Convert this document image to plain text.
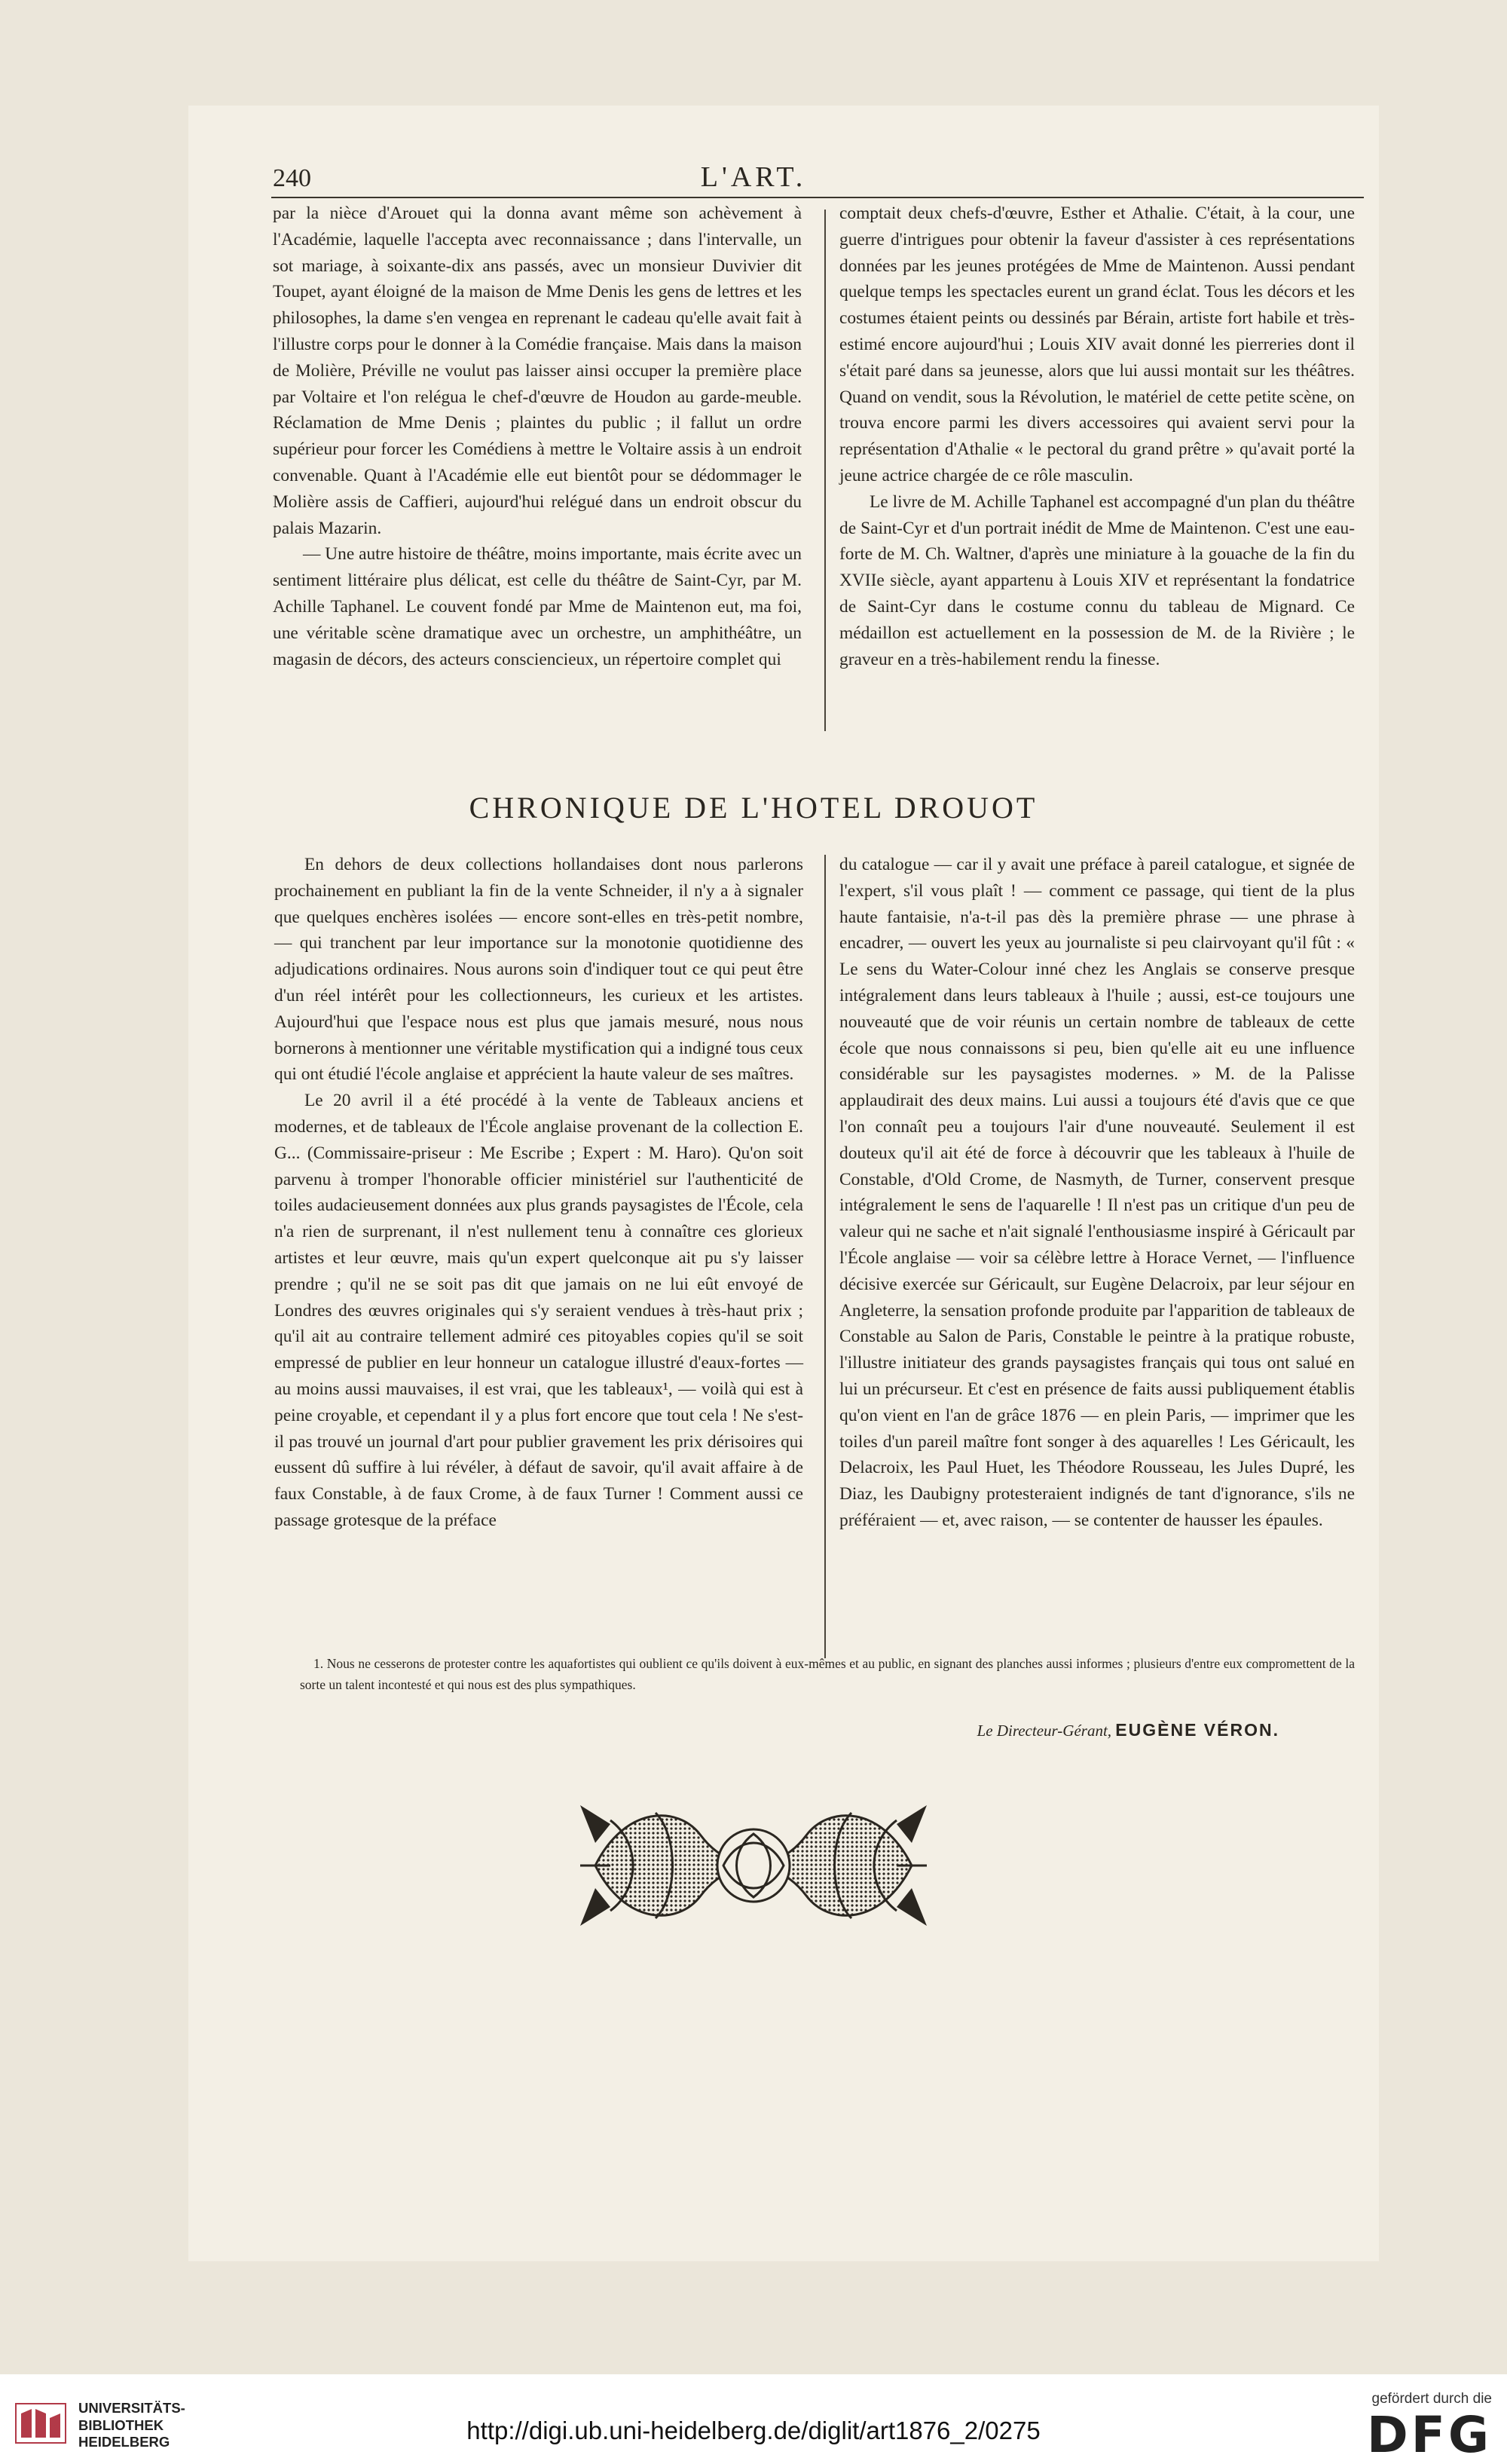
240	L'ART.

par la nièce d'Arouet qui la donna avant même son achèvement à l'Académie, laquelle l'accepta avec reconnaissance ; dans l'intervalle, un sot mariage, à soixante-dix ans passés, avec un monsieur Duvivier dit Toupet, ayant éloigné de la maison de Mme Denis les gens de lettres et les philosophes, la dame s'en vengea en reprenant le cadeau qu'elle avait fait à l'illustre corps pour le donner à la Comédie française. Mais dans la maison de Molière, Préville ne voulut pas laisser ainsi occuper la première place par Voltaire et l'on relégua le chef-d'œuvre de Houdon au garde-meuble. Réclamation de Mme Denis ; plaintes du public ; il fallut un ordre supérieur pour forcer les Comédiens à mettre le Voltaire assis à un endroit convenable. Quant à l'Académie elle eut bientôt pour se dédommager le Molière assis de Caffieri, aujourd'hui relégué dans un endroit obscur du palais Mazarin.

— Une autre histoire de théâtre, moins importante, mais écrite avec un sentiment littéraire plus délicat, est celle du théâtre de Saint-Cyr, par M. Achille Taphanel. Le couvent fondé par Mme de Maintenon eut, ma foi, une véritable scène dramatique avec un orchestre, un amphithéâtre, un magasin de décors, des acteurs consciencieux, un répertoire complet qui

comptait deux chefs-d'œuvre, Esther et Athalie. C'était, à la cour, une guerre d'intrigues pour obtenir la faveur d'assister à ces représentations données par les jeunes protégées de Mme de Maintenon. Aussi pendant quelque temps les spectacles eurent un grand éclat. Tous les décors et les costumes étaient peints ou dessinés par Bérain, artiste fort habile et très-estimé encore aujourd'hui ; Louis XIV avait donné les pierreries dont il s'était paré dans sa jeunesse, alors que lui aussi montait sur les théâtres. Quand on vendit, sous la Révolution, le matériel de cette petite scène, on trouva encore parmi les divers accessoires qui avaient servi pour la représentation d'Athalie « le pectoral du grand prêtre » qu'avait porté la jeune actrice chargée de ce rôle masculin.

Le livre de M. Achille Taphanel est accompagné d'un plan du théâtre de Saint-Cyr et d'un portrait inédit de Mme de Maintenon. C'est une eau-forte de M. Ch. Waltner, d'après une miniature à la gouache de la fin du XVIIe siècle, ayant appartenu à Louis XIV et représentant la fondatrice de Saint-Cyr dans le costume connu du tableau de Mignard. Ce médaillon est actuellement en la possession de M. de la Rivière ; le graveur en a très-habilement rendu la finesse.

CHRONIQUE DE L'HOTEL DROUOT

En dehors de deux collections hollandaises dont nous parlerons prochainement en publiant la fin de la vente Schneider, il n'y a à signaler que quelques enchères isolées — encore sont-elles en très-petit nombre, — qui tranchent par leur importance sur la monotonie quotidienne des adjudications ordinaires. Nous aurons soin d'indiquer tout ce qui peut être d'un réel intérêt pour les collectionneurs, les curieux et les artistes. Aujourd'hui que l'espace nous est plus que jamais mesuré, nous nous bornerons à mentionner une véritable mystification qui a indigné tous ceux qui ont étudié l'école anglaise et apprécient la haute valeur de ses maîtres.

Le 20 avril il a été procédé à la vente de Tableaux anciens et modernes, et de tableaux de l'École anglaise provenant de la collection E. G... (Commissaire-priseur : Me Escribe ; Expert : M. Haro). Qu'on soit parvenu à tromper l'honorable officier ministériel sur l'authenticité de toiles audacieusement données aux plus grands paysagistes de l'École, cela n'a rien de surprenant, il n'est nullement tenu à connaître ces glorieux artistes et leur œuvre, mais qu'un expert quelconque ait pu s'y laisser prendre ; qu'il ne se soit pas dit que jamais on ne lui eût envoyé de Londres des œuvres originales qui s'y seraient vendues à très-haut prix ; qu'il ait au contraire tellement admiré ces pitoyables copies qu'il se soit empressé de publier en leur honneur un catalogue illustré d'eaux-fortes — au moins aussi mauvaises, il est vrai, que les tableaux¹, — voilà qui est à peine croyable, et cependant il y a plus fort encore que tout cela ! Ne s'est-il pas trouvé un journal d'art pour publier gravement les prix dérisoires qui eussent dû suffire à lui révéler, à défaut de savoir, qu'il avait affaire à de faux Constable, à de faux Crome, à de faux Turner ! Comment aussi ce passage grotesque de la préface

du catalogue — car il y avait une préface à pareil catalogue, et signée de l'expert, s'il vous plaît ! — comment ce passage, qui tient de la plus haute fantaisie, n'a-t-il pas dès la première phrase — une phrase à encadrer, — ouvert les yeux au journaliste si peu clairvoyant qu'il fût : « Le sens du Water-Colour inné chez les Anglais se conserve presque intégralement dans leurs tableaux à l'huile ; aussi, est-ce toujours une nouveauté que de voir réunis un certain nombre de tableaux de cette école que nous connaissons si peu, bien qu'elle ait eu une influence considérable sur les paysagistes modernes. » M. de la Palisse applaudirait des deux mains. Lui aussi a toujours été d'avis que ce que l'on connaît peu a toujours l'air d'une nouveauté. Seulement il est douteux qu'il ait été de force à découvrir que les tableaux à l'huile de Constable, d'Old Crome, de Nasmyth, de Turner, conservent presque intégralement le sens de l'aquarelle ! Il n'est pas un critique d'un peu de valeur qui ne sache et n'ait signalé l'enthousiasme inspiré à Géricault par l'École anglaise — voir sa célèbre lettre à Horace Vernet, — l'influence décisive exercée sur Géricault, sur Eugène Delacroix, par leur séjour en Angleterre, la sensation profonde produite par l'apparition de tableaux de Constable au Salon de Paris, Constable le peintre à la pratique robuste, l'illustre initiateur des grands paysagistes français qui tous ont salué en lui un précurseur. Et c'est en présence de faits aussi publiquement établis qu'on vient en l'an de grâce 1876 — en plein Paris, — imprimer que les toiles d'un pareil maître font songer à des aquarelles ! Les Géricault, les Delacroix, les Paul Huet, les Théodore Rousseau, les Jules Dupré, les Diaz, les Daubigny protesteraient indignés de tant d'ignorance, s'ils ne préféraient — et, avec raison, — se contenter de hausser les épaules.

1. Nous ne cesserons de protester contre les aquafortistes qui oublient ce qu'ils doivent à eux-mêmes et au public, en signant des planches aussi informes ; plusieurs d'entre eux compromettent de la sorte un talent incontesté et qui nous est des plus sympathiques.
Le Directeur-Gérant, EUGÈNE VÉRON.
UNIVERSITÄTS-
BIBLIOTHEK
HEIDELBERG	http://digi.ub.uni-heidelberg.de/diglit/art1876_2/0275
gefördert durch die
DFG
